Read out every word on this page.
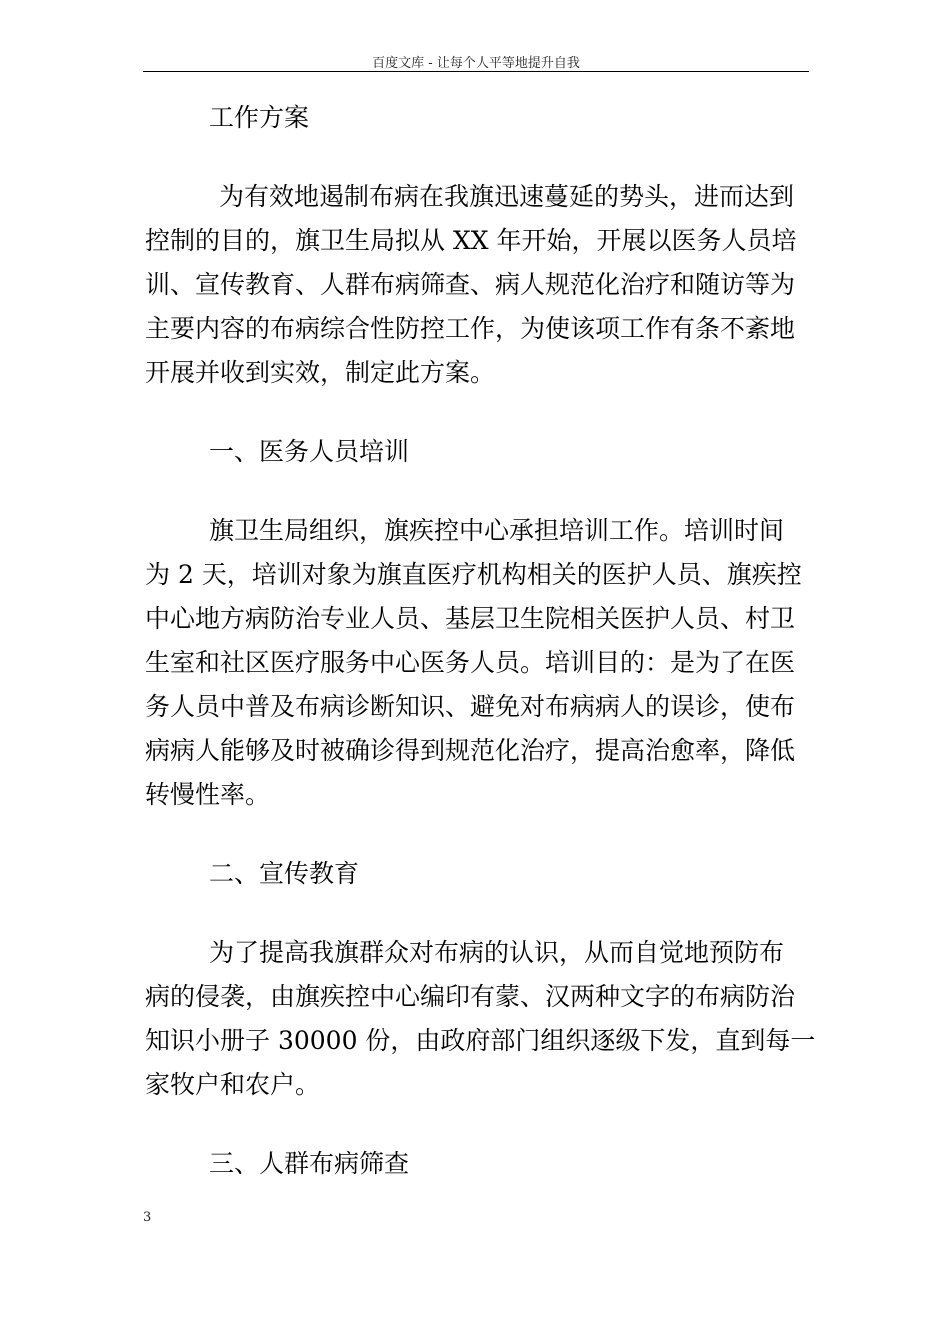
百度文库 - 让每个人平等地提升自我
工作方案
为有效地遏制布病在我旗迅速蔓延的势头，进而达到
控制的目的，旗卫生局拟从 XX 年开始，开展以医务人员培
训、宣传教育、人群布病筛查、病人规范化治疗和随访等为
主要内容的布病综合性防控工作，为使该项工作有条不紊地
开展并收到实效，制定此方案。
一、医务人员培训
旗卫生局组织，旗疾控中心承担培训工作。培训时间
为 2 天，培训对象为旗直医疗机构相关的医护人员、旗疾控
中心地方病防治专业人员、基层卫生院相关医护人员、村卫
生室和社区医疗服务中心医务人员。培训目的：是为了在医
务人员中普及布病诊断知识、避免对布病病人的误诊，使布
病病人能够及时被确诊得到规范化治疗，提高治愈率，降低
转慢性率。
二、宣传教育
为了提高我旗群众对布病的认识，从而自觉地预防布
病的侵袭，由旗疾控中心编印有蒙、汉两种文字的布病防治
知识小册子 30000 份，由政府部门组织逐级下发，直到每一
家牧户和农户。
三、人群布病筛查
3
